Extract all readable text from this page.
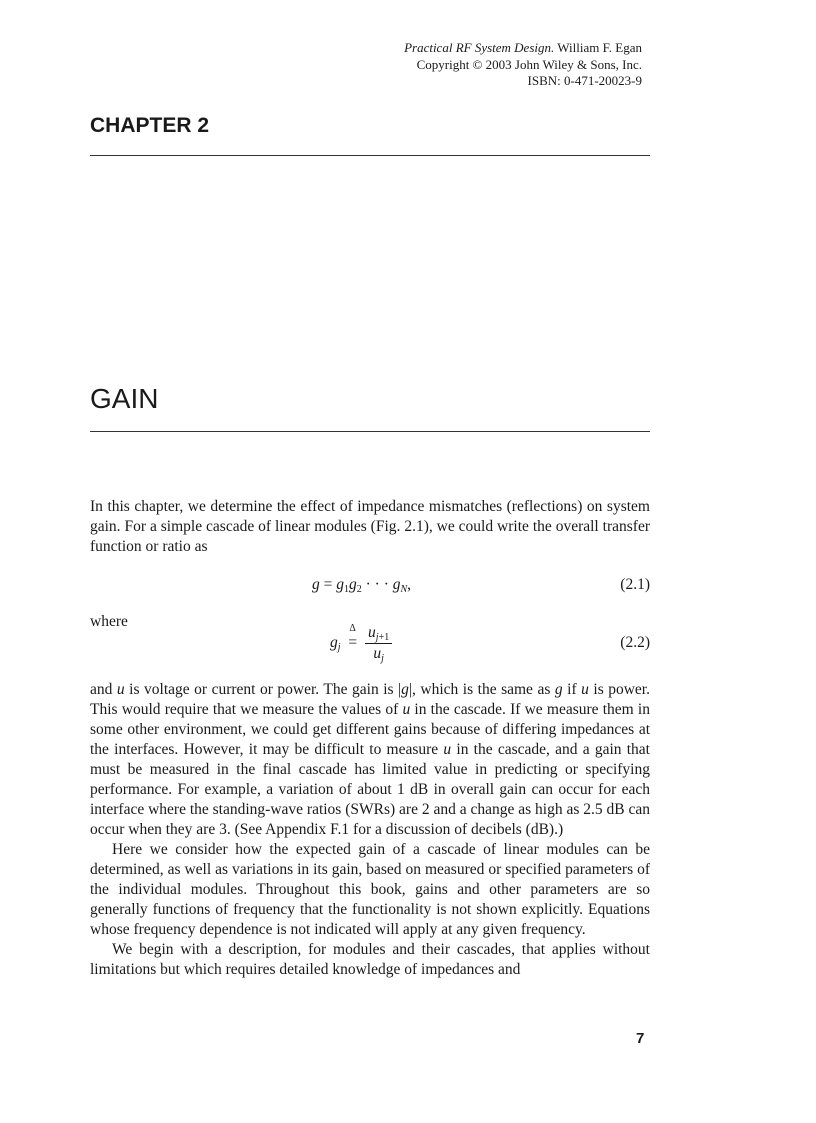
Practical RF System Design. William F. Egan
Copyright © 2003 John Wiley & Sons, Inc.
ISBN: 0-471-20023-9
CHAPTER 2
GAIN

In this chapter, we determine the effect of impedance mismatches (reflections) on system gain. For a simple cascade of linear modules (Fig. 2.1), we could write the overall transfer function or ratio as

$g = g_1g_2$ · · · $g_N$,	(2.1)
where
$g_j$
Δ
= $\frac{u_{j+1}}{u_j}$	(2.2)

and u is voltage or current or power. The gain is |g|, which is the same as g if u is power. This would require that we measure the values of u in the cascade. If we measure them in some other environment, we could get different gains because of differing impedances at the interfaces. However, it may be difficult to measure u in the cascade, and a gain that must be measured in the final cascade has limited value in predicting or specifying performance. For example, a variation of about 1 dB in overall gain can occur for each interface where the standing-wave ratios (SWRs) are 2 and a change as high as 2.5 dB can occur when they are 3. (See Appendix F.1 for a discussion of decibels (dB).)

Here we consider how the expected gain of a cascade of linear modules can be determined, as well as variations in its gain, based on measured or specified parameters of the individual modules. Throughout this book, gains and other parameters are so generally functions of frequency that the functionality is not shown explicitly. Equations whose frequency dependence is not indicated will apply at any given frequency.

We begin with a description, for modules and their cascades, that applies without limitations but which requires detailed knowledge of impedances and

7
